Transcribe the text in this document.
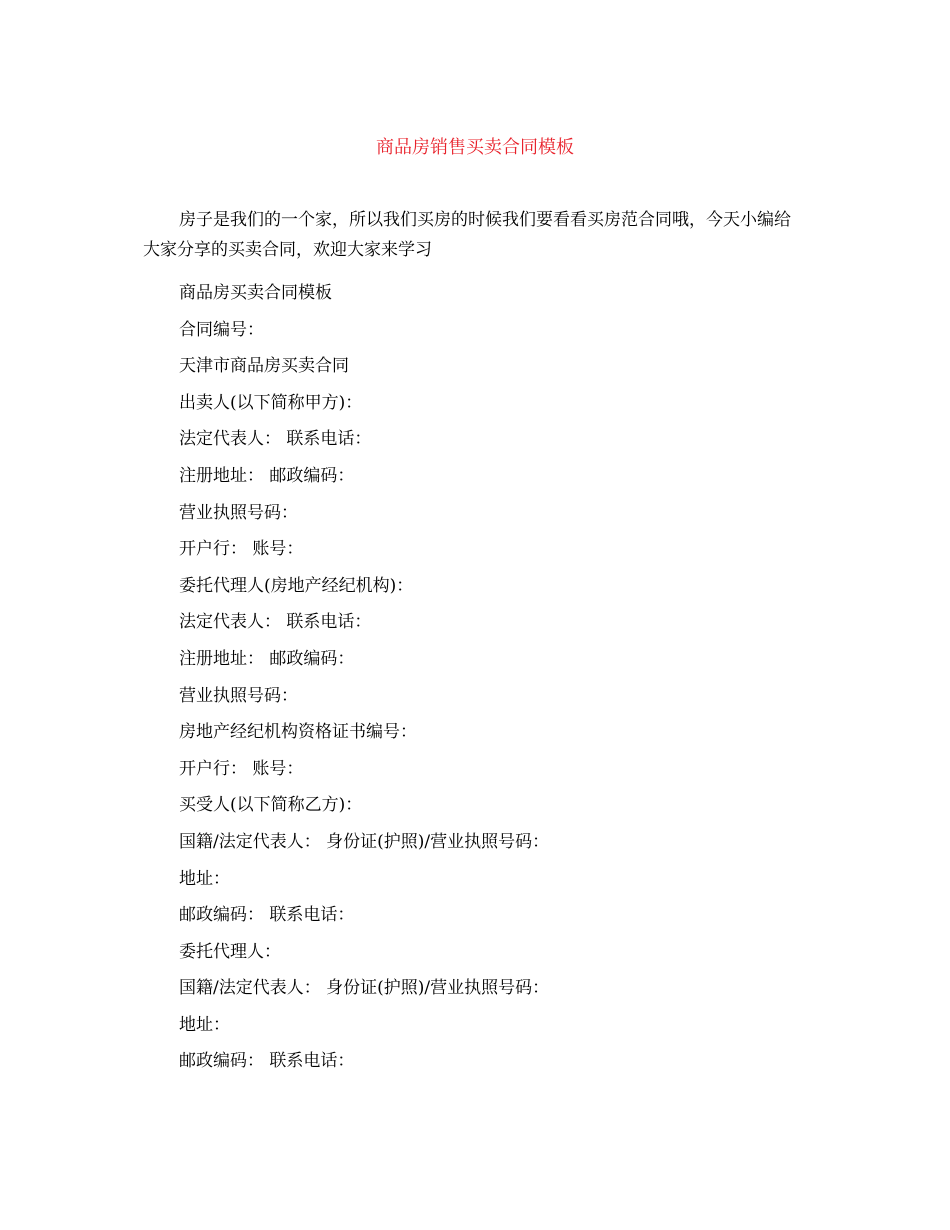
商品房销售买卖合同模板
房子是我们的一个家，所以我们买房的时候我们要看看买房范合同哦，今天小编给大家分享的买卖合同，欢迎大家来学习
商品房买卖合同模板
合同编号：
天津市商品房买卖合同
出卖人(以下简称甲方)：
法定代表人： 联系电话：
注册地址： 邮政编码：
营业执照号码：
开户行： 账号：
委托代理人(房地产经纪机构)：
法定代表人： 联系电话：
注册地址： 邮政编码：
营业执照号码：
房地产经纪机构资格证书编号：
开户行： 账号：
买受人(以下简称乙方)：
国籍/法定代表人： 身份证(护照)/营业执照号码：
地址：
邮政编码： 联系电话：
委托代理人：
国籍/法定代表人： 身份证(护照)/营业执照号码：
地址：
邮政编码： 联系电话：
